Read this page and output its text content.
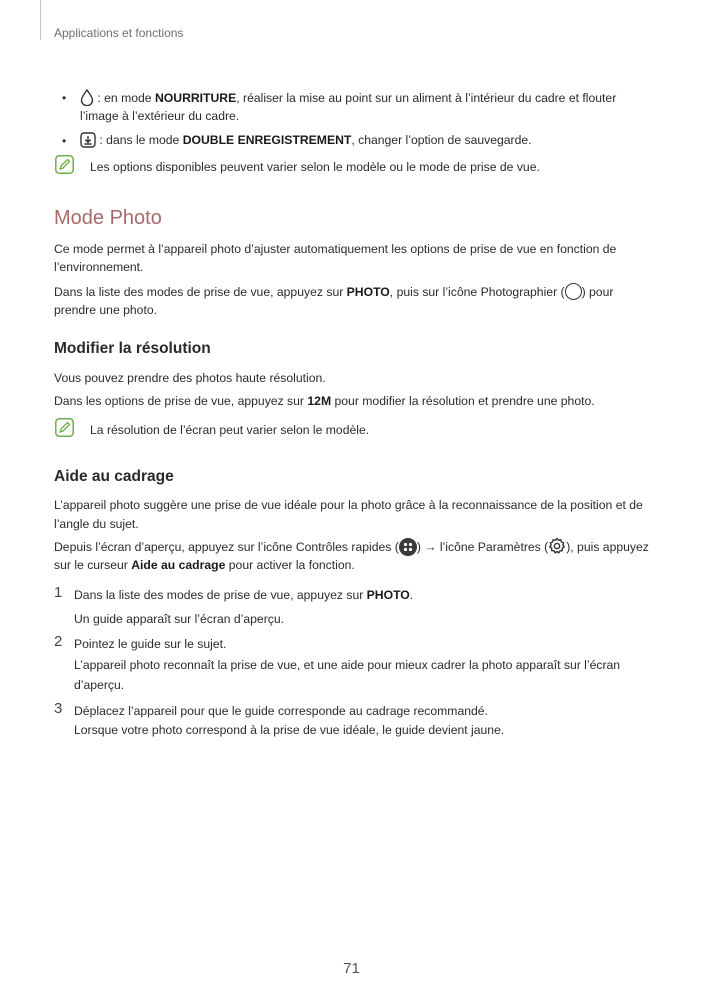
Applications et fonctions
•	: en mode NOURRITURE, réaliser la mise au point sur un aliment à l’intérieur du cadre et flouter
l’image à l’extérieur du cadre.
•	: dans le mode DOUBLE ENREGISTREMENT, changer l’option de sauvegarde.
Les options disponibles peuvent varier selon le modèle ou le mode de prise de vue.
Mode Photo
Ce mode permet à l’appareil photo d’ajuster automatiquement les options de prise de vue en fonction de
l’environnement.
Dans la liste des modes de prise de vue, appuyez sur PHOTO, puis sur l’icône Photographier ( ) pour
prendre une photo.
Modifier la résolution
Vous pouvez prendre des photos haute résolution.
Dans les options de prise de vue, appuyez sur 12M pour modifier la résolution et prendre une photo.
La résolution de l’écran peut varier selon le modèle.
Aide au cadrage
L’appareil photo suggère une prise de vue idéale pour la photo grâce à la reconnaissance de la position et de
l’angle du sujet.
Depuis l’écran d’aperçu, appuyez sur l’icône Contrôles rapides ( ) → l’icône Paramètres ( ), puis appuyez
sur le curseur Aide au cadrage pour activer la fonction.
1 Dans la liste des modes de prise de vue, appuyez sur PHOTO.
Un guide apparaît sur l’écran d’aperçu.
2 Pointez le guide sur le sujet.
L’appareil photo reconnaît la prise de vue, et une aide pour mieux cadrer la photo apparaît sur l’écran
d’aperçu.
3 Déplacez l’appareil pour que le guide corresponde au cadrage recommandé.
Lorsque votre photo correspond à la prise de vue idéale, le guide devient jaune.
71
